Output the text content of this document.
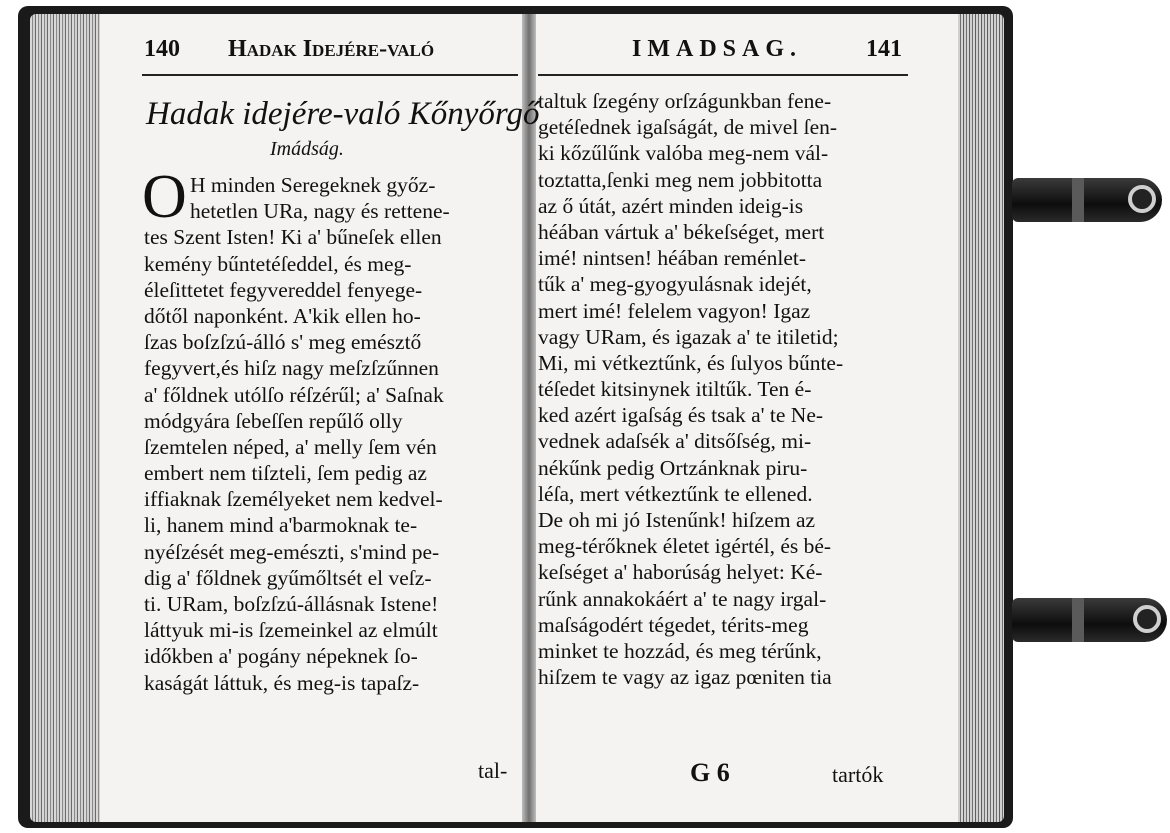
140 Hadak Idejére-való	IMADSAG.	141
Hadak idejére-való Kőnyőrgő
Imádság.
O H minden Seregeknek győz-
hetetlen URa, nagy és rettene-
tes Szent Isten! Ki a' bűneſek ellen
kemény bűntetéſeddel, és meg-
éleſittetet fegyvereddel fenyege-
dőtől naponként. A'kik ellen ho-
ſzas boſzſzú-álló s' meg emésztő
fegyvert,és hiſz nagy meſzſzűnnen
a' főldnek utólſo réſzérűl; a' Saſnak
módgyára ſebeſſen repűlő olly
ſzemtelen néped, a' melly ſem vén
embert nem tiſzteli, ſem pedig az
iffiaknak ſzemélyeket nem kedvel-
li, hanem mind a'barmoknak te-
nyéſzését meg-emészti, s'mind pe-
dig a' főldnek gyűmőltsét el veſz-
ti. URam, boſzſzú-állásnak Istene!
láttyuk mi-is ſzemeinkel az elmúlt
időkben a' pogány népeknek ſo-
kaságát láttuk, és meg-is tapaſz-
tal-
taltuk ſzegény orſzágunkban fene-
getéſednek igaſságát, de mivel ſen-
ki kőzűlűnk valóba meg-nem vál-
toztatta,ſenki meg nem jobbitotta
az ő útát, azért minden ideig-is
héában vártuk a' békeſséget, mert
imé! nintsen! héában reménlet-
tűk a' meg-gyogyulásnak idejét,
mert imé! felelem vagyon! Igaz
vagy URam, és igazak a' te itiletid;
Mi, mi vétkeztűnk, és ſulyos bűnte-
téſedet kitsinynek itiltűk. Ten é-
ked azért igaſság és tsak a' te Ne-
vednek adaſsék a' ditsőſség, mi-
nékűnk pedig Ortzánknak piru-
léſa, mert vétkeztűnk te ellened.
De oh mi jó Istenűnk! hiſzem az
meg-térőknek életet igértél, és bé-
keſséget a' haborúság helyet: Ké-
rűnk annakokáért a' te nagy irgal-
maſságodért tégedet, térits-meg
minket te hozzád, és meg térűnk,
hiſzem te vagy az igaz pœniten tia
G 6	tartók
